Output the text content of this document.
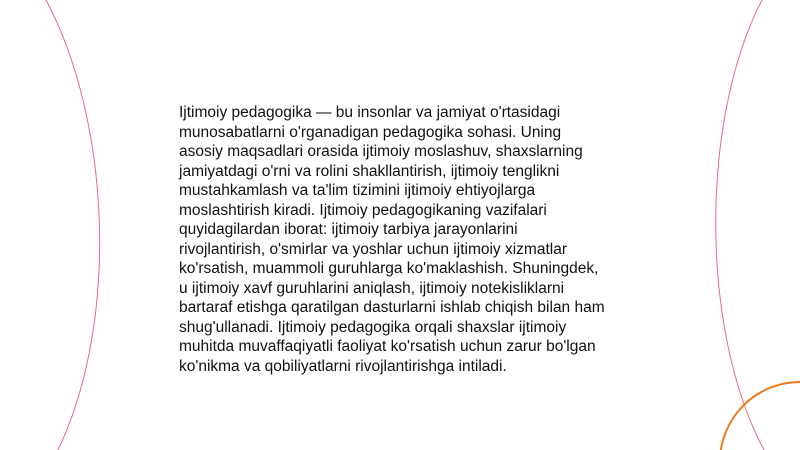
Ijtimoiy pedagogika — bu insonlar va jamiyat o'rtasidagi
munosabatlarni o'rganadigan pedagogika sohasi. Uning
asosiy maqsadlari orasida ijtimoiy moslashuv, shaxslarning
jamiyatdagi o'rni va rolini shakllantirish, ijtimoiy tenglikni
mustahkamlash va ta'lim tizimini ijtimoiy ehtiyojlarga
moslashtirish kiradi. Ijtimoiy pedagogikaning vazifalari
quyidagilardan iborat: ijtimoiy tarbiya jarayonlarini
rivojlantirish, o'smirlar va yoshlar uchun ijtimoiy xizmatlar
ko'rsatish, muammoli guruhlarga ko'maklashish. Shuningdek,
u ijtimoiy xavf guruhlarini aniqlash, ijtimoiy notekisliklarni
bartaraf etishga qaratilgan dasturlarni ishlab chiqish bilan ham
shug'ullanadi. Ijtimoiy pedagogika orqali shaxslar ijtimoiy
muhitda muvaffaqiyatli faoliyat ko'rsatish uchun zarur bo'lgan
ko'nikma va qobiliyatlarni rivojlantirishga intiladi.
